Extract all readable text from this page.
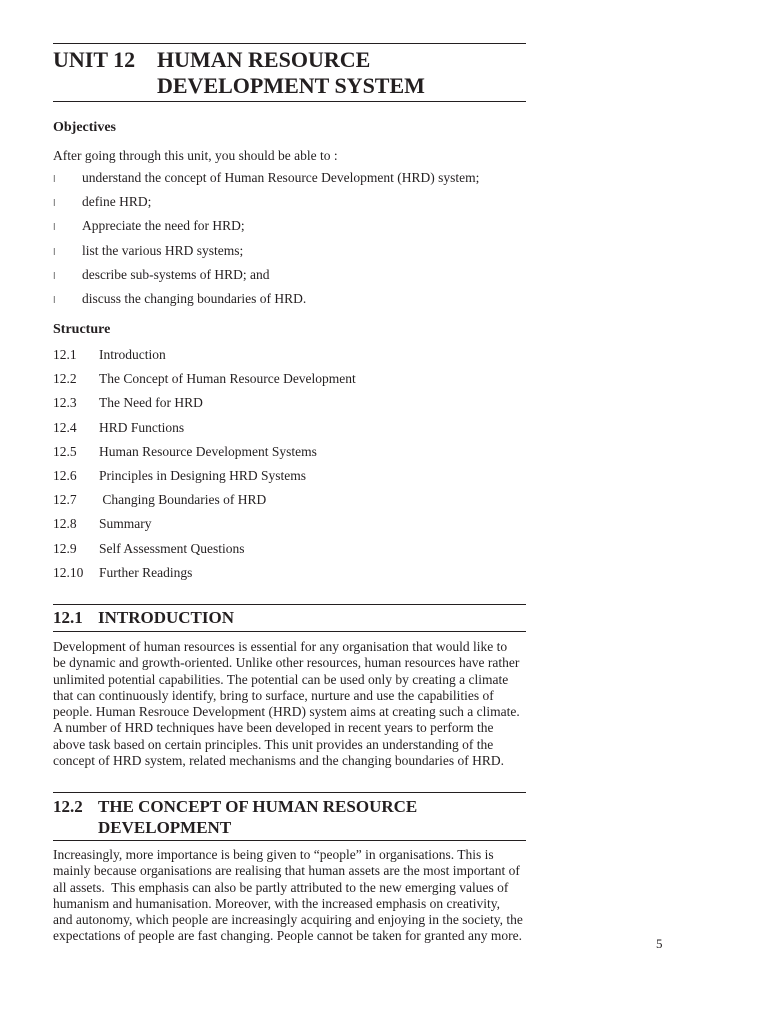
UNIT 12 HUMAN RESOURCE
DEVELOPMENT SYSTEM
Objectives
After going through this unit, you should be able to :
l understand the concept of Human Resource Development (HRD) system;
l define HRD;
l Appreciate the need for HRD;
l list the various HRD systems;
l describe sub-systems of HRD; and
l discuss the changing boundaries of HRD.
Structure
12.1 Introduction
12.2 The Concept of Human Resource Development
12.3 The Need for HRD
12.4 HRD Functions
12.5 Human Resource Development Systems
12.6 Principles in Designing HRD Systems
12.7 Changing Boundaries of HRD
12.8 Summary
12.9 Self Assessment Questions
12.10 Further Readings
12.1 INTRODUCTION
Development of human resources is essential for any organisation that would like to
be dynamic and growth-oriented. Unlike other resources, human resources have rather
unlimited potential capabilities. The potential can be used only by creating a climate
that can continuously identify, bring to surface, nurture and use the capabilities of
people. Human Resrouce Development (HRD) system aims at creating such a climate.
A number of HRD techniques have been developed in recent years to perform the
above task based on certain principles. This unit provides an understanding of the
concept of HRD system, related mechanisms and the changing boundaries of HRD.
12.2 THE CONCEPT OF HUMAN RESOURCE
DEVELOPMENT
Increasingly, more importance is being given to “people” in organisations. This is
mainly because organisations are realising that human assets are the most important of
all assets.  This emphasis can also be partly attributed to the new emerging values of
humanism and humanisation. Moreover, with the increased emphasis on creativity,
and autonomy, which people are increasingly acquiring and enjoying in the society, the
expectations of people are fast changing. People cannot be taken for granted any more.
5
